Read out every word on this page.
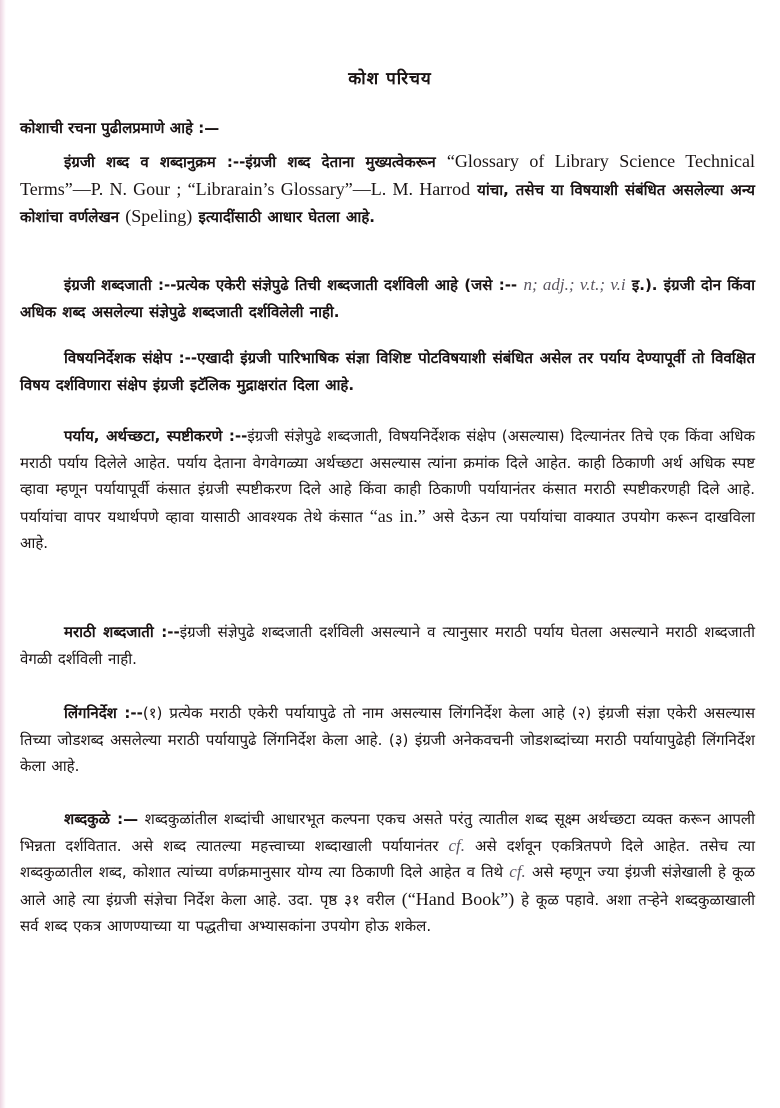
कोश परिचय
कोशाची रचना पुढीलप्रमाणे आहे :—

इंग्रजी शब्द व शब्दानुक्रम :--इंग्रजी शब्द देताना मुख्यत्वेकरून “Glossary of Library Science Technical Terms”—P. N. Gour ; “Librarain’s Glossary”—L. M. Harrod यांचा, तसेच या विषयाशी संबंधित असलेल्या अन्य कोशांचा वर्णलेखन (Speling) इत्यादींसाठी आधार घेतला आहे.

इंग्रजी शब्दजाती :--प्रत्येक एकेरी संज्ञेपुढे तिची शब्दजाती दर्शविली आहे (जसे :-- n; adj.; v.t.; v.i इ.). इंग्रजी दोन किंवा अधिक शब्द असलेल्या संज्ञेपुढे शब्दजाती दर्शविलेली नाही.

विषयनिर्देशक संक्षेप :--एखादी इंग्रजी पारिभाषिक संज्ञा विशिष्ट पोटविषयाशी संबंधित असेल तर पर्याय देण्यापूर्वी तो विवक्षित विषय दर्शविणारा संक्षेप इंग्रजी इटॅलिक मुद्राक्षरांत दिला आहे.

पर्याय, अर्थच्छटा, स्पष्टीकरणे :--इंग्रजी संज्ञेपुढे शब्दजाती, विषयनिर्देशक संक्षेप (असल्यास) दिल्यानंतर तिचे एक किंवा अधिक मराठी पर्याय दिलेले आहेत. पर्याय देताना वेगवेगळ्या अर्थच्छटा असल्यास त्यांना क्रमांक दिले आहेत. काही ठिकाणी अर्थ अधिक स्पष्ट व्हावा म्हणून पर्यायापूर्वी कंसात इंग्रजी स्पष्टीकरण दिले आहे किंवा काही ठिकाणी पर्यायानंतर कंसात मराठी स्पष्टीकरणही दिले आहे. पर्यायांचा वापर यथार्थपणे व्हावा यासाठी आवश्यक तेथे कंसात “as in.” असे देऊन त्या पर्यायांचा वाक्यात उपयोग करून दाखविला आहे.

मराठी शब्दजाती :--इंग्रजी संज्ञेपुढे शब्दजाती दर्शविली असल्याने व त्यानुसार मराठी पर्याय घेतला असल्याने मराठी शब्दजाती वेगळी दर्शविली नाही.

लिंगनिर्देश :--(१) प्रत्येक मराठी एकेरी पर्यायापुढे तो नाम असल्यास लिंगनिर्देश केला आहे (२) इंग्रजी संज्ञा एकेरी असल्यास तिच्या जोडशब्द असलेल्या मराठी पर्यायापुढे लिंगनिर्देश केला आहे. (३) इंग्रजी अनेकवचनी जोडशब्दांच्या मराठी पर्यायापुढेही लिंगनिर्देश केला आहे.

शब्दकुळे :— शब्दकुळांतील शब्दांची आधारभूत कल्पना एकच असते परंतु त्यातील शब्द सूक्ष्म अर्थच्छटा व्यक्त करून आपली भिन्नता दर्शवितात. असे शब्द त्यातल्या महत्त्वाच्या शब्दाखाली पर्यायानंतर cf. असे दर्शवून एकत्रितपणे दिले आहेत. तसेच त्या शब्दकुळातील शब्द, कोशात त्यांच्या वर्णक्रमानुसार योग्य त्या ठिकाणी दिले आहेत व तिथे cf. असे म्हणून ज्या इंग्रजी संज्ञेखाली हे कूळ आले आहे त्या इंग्रजी संज्ञेचा निर्देश केला आहे. उदा. पृष्ठ ३१ वरील (“Hand Book”) हे कूळ पहावे. अशा तऱ्हेने शब्दकुळाखाली सर्व शब्द एकत्र आणण्याच्या या पद्धतीचा अभ्यासकांना उपयोग होऊ शकेल.
